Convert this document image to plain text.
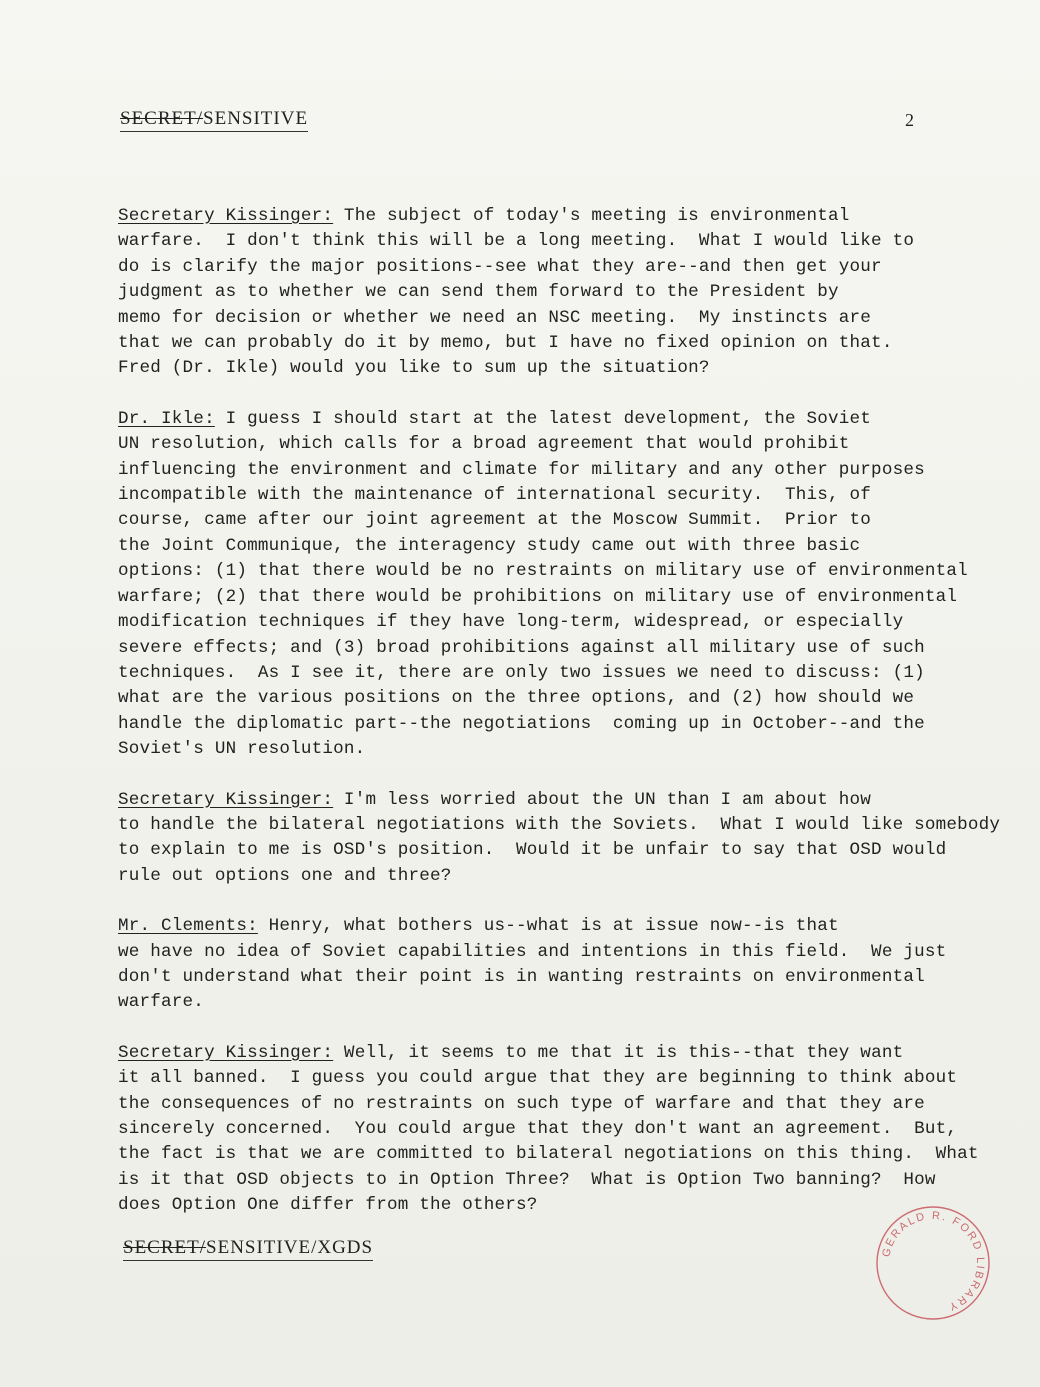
SECRET/SENSITIVE	2
Secretary Kissinger: The subject of today's meeting is environmental
warfare.  I don't think this will be a long meeting.  What I would like to
do is clarify the major positions--see what they are--and then get your
judgment as to whether we can send them forward to the President by
memo for decision or whether we need an NSC meeting.  My instincts are
that we can probably do it by memo, but I have no fixed opinion on that.
Fred (Dr. Ikle) would you like to sum up the situation?
Dr. Ikle: I guess I should start at the latest development, the Soviet
UN resolution, which calls for a broad agreement that would prohibit
influencing the environment and climate for military and any other purposes
incompatible with the maintenance of international security.  This, of
course, came after our joint agreement at the Moscow Summit.  Prior to
the Joint Communique, the interagency study came out with three basic
options: (1) that there would be no restraints on military use of environmental
warfare; (2) that there would be prohibitions on military use of environmental
modification techniques if they have long-term, widespread, or especially
severe effects; and (3) broad prohibitions against all military use of such
techniques.  As I see it, there are only two issues we need to discuss: (1)
what are the various positions on the three options, and (2) how should we
handle the diplomatic part--the negotiations  coming up in October--and the
Soviet's UN resolution.
Secretary Kissinger: I'm less worried about the UN than I am about how
to handle the bilateral negotiations with the Soviets.  What I would like somebody
to explain to me is OSD's position.  Would it be unfair to say that OSD would
rule out options one and three?
Mr. Clements: Henry, what bothers us--what is at issue now--is that
we have no idea of Soviet capabilities and intentions in this field.  We just
don't understand what their point is in wanting restraints on environmental
warfare.
Secretary Kissinger: Well, it seems to me that it is this--that they want
it all banned.  I guess you could argue that they are beginning to think about
the consequences of no restraints on such type of warfare and that they are
sincerely concerned.  You could argue that they don't want an agreement.  But,
the fact is that we are committed to bilateral negotiations on this thing.  What
is it that OSD objects to in Option Three?  What is Option Two banning?  How
does Option One differ from the others?
SECRET/SENSITIVE/XGDS	GERALD R. FORD LIBRARY
